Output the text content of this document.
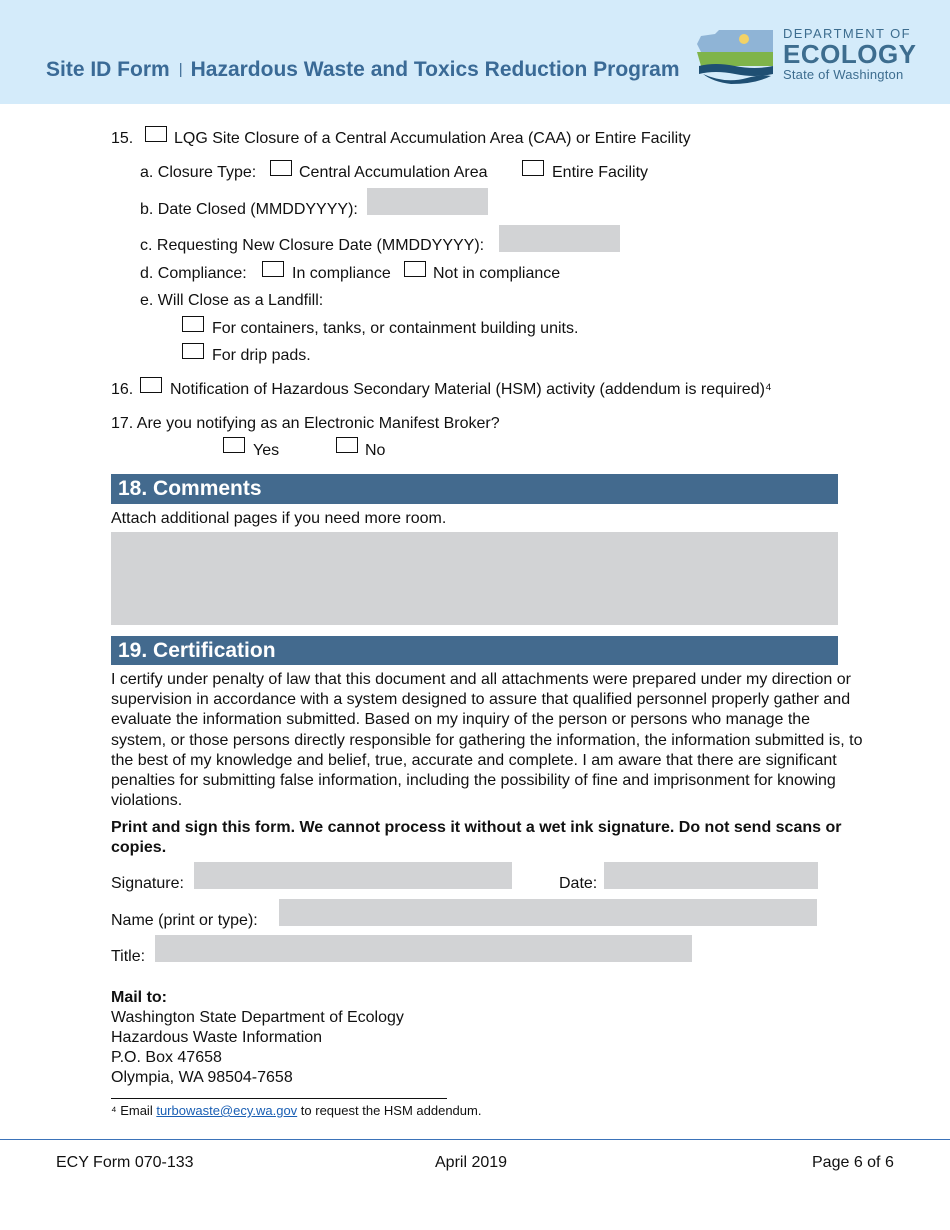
Site ID Form | Hazardous Waste and Toxics Reduction Program
DEPARTMENT OF
ECOLOGY
State of Washington
15.	LQG Site Closure of a Central Accumulation Area (CAA) or Entire Facility
a. Closure Type:	Central Accumulation Area	Entire Facility
b. Date Closed (MMDDYYYY):
c. Requesting New Closure Date (MMDDYYYY):
d. Compliance:	In compliance	Not in compliance
e. Will Close as a Landfill:
For containers, tanks, or containment building units.
For drip pads.
16. Notification of Hazardous Secondary Material (HSM) activity (addendum is required)⁴
17. Are you notifying as an Electronic Manifest Broker?
Yes	No
18. Comments
Attach additional pages if you need more room.
19. Certification
I certify under penalty of law that this document and all attachments were prepared under my direction or supervision in accordance with a system designed to assure that qualified personnel properly gather and evaluate the information submitted. Based on my inquiry of the person or persons who manage the system, or those persons directly responsible for gathering the information, the information submitted is, to the best of my knowledge and belief, true, accurate and complete. I am aware that there are significant penalties for submitting false information, including the possibility of fine and imprisonment for knowing violations.
Print and sign this form. We cannot process it without a wet ink signature. Do not send scans or copies.
Signature:	Date:
Name (print or type):
Title:
Mail to:
Washington State Department of Ecology
Hazardous Waste Information
P.O. Box 47658
Olympia, WA 98504-7658
⁴ Email turbowaste@ecy.wa.gov to request the HSM addendum.
ECY Form 070-133	April 2019	Page 6 of 6
